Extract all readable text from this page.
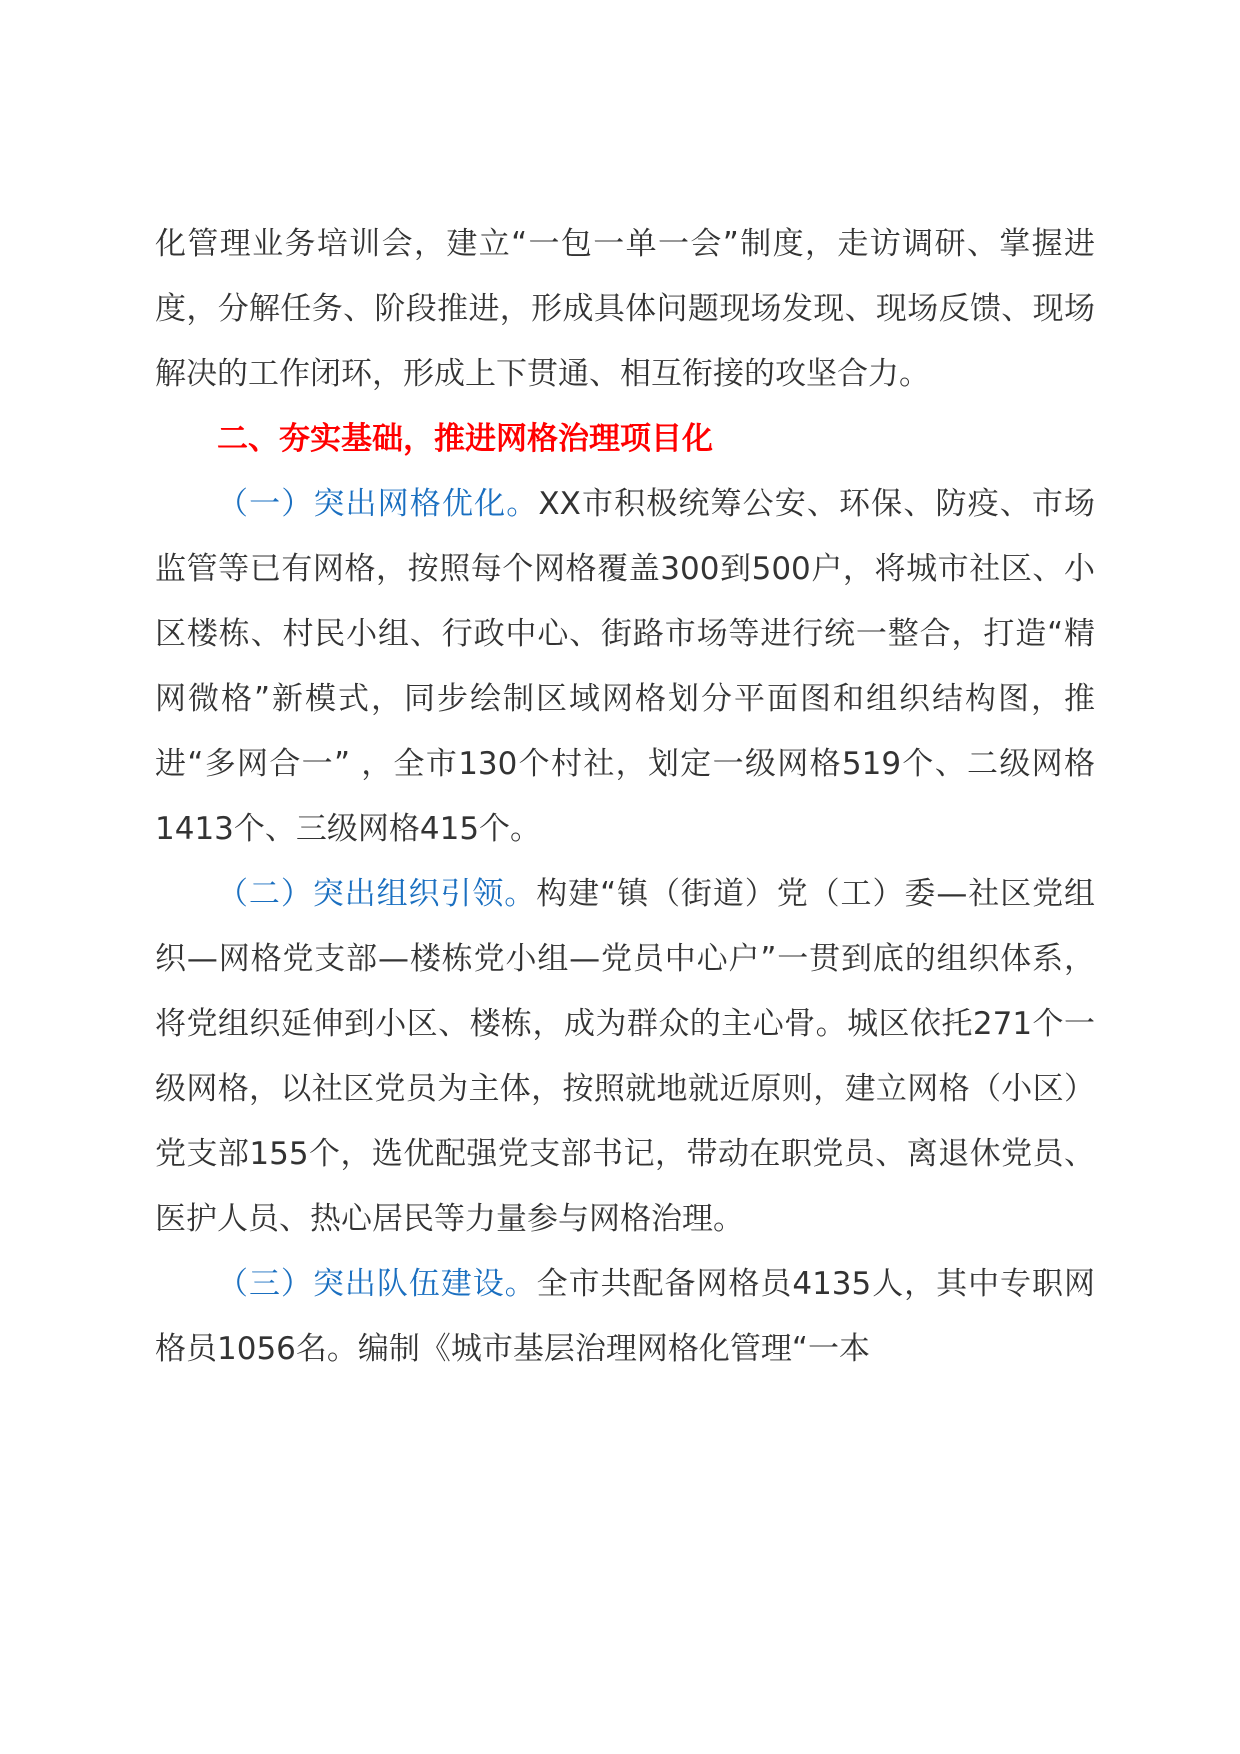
化管理业务培训会，建立“一包一单一会”制度，走访调研、掌握进度，分解任务、阶段推进，形成具体问题现场发现、现场反馈、现场解决的工作闭环，形成上下贯通、相互衔接的攻坚合力。

二、夯实基础，推进网格治理项目化

（一）突出网格优化。XX市积极统筹公安、环保、防疫、市场监管等已有网格，按照每个网格覆盖300到500户，将城市社区、小区楼栋、村民小组、行政中心、街路市场等进行统一整合，打造“精网微格”新模式，同步绘制区域网格划分平面图和组织结构图，推进“多网合一” ，全市130个村社，划定一级网格519个、二级网格1413个、三级网格415个。

（二）突出组织引领。构建“镇（街道）党（工）委—社区党组织—网格党支部—楼栋党小组—党员中心户”一贯到底的组织体系，将党组织延伸到小区、楼栋，成为群众的主心骨。城区依托271个一级网格，以社区党员为主体，按照就地就近原则，建立网格（小区）党支部155个，选优配强党支部书记，带动在职党员、离退休党员、医护人员、热心居民等力量参与网格治理。

（三）突出队伍建设。全市共配备网格员4135人，其中专职网格员1056名。编制《城市基层治理网格化管理“一本
